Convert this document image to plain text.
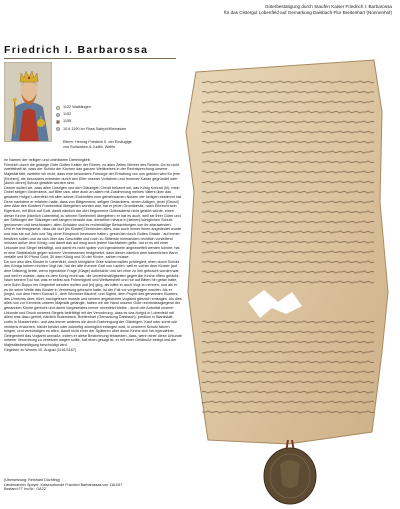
Güterbestätigung durch Staufen Kaiser Friedrich I. Barbarossa
für das Cistergul Lobenfeld auf Gemarkung Daisbach Flur Breitenhart (Nonnenhof)
Friedrich I. Barbarossa
1122 Waiblingen
1152
1155
10.6.1190 im Fluss Saleph/Kleinasien
Eltern: Herzog Friedrich II. der Einäugige
von Schwaben & Judith, Welfin

Im Namen der heiligen und unteilbaren Dreieinigkeit.

Friedrich durch die gnädige Güte Gottes Kaiser der Römer, zu allen Zeiten Mehrer des Reichs. Da es nicht zweifelhaft ist, dass der Schutz der Kirchen das ganzen Weltkreises in der Rechtsprechung unserer Majestät fällt, zweifeln wir nicht, dass eine besondere Fürsorge der Erhaltung von uns gebührt wird für jene [Kirchen], die besonders entweder durch den Eifer unserer Vorfahren und frommer Kaiser gegründet oder [durch deren] Schutz gestärkt worden sind.

Darum wollen wir, dass allen Unsrigen und den Gläubigen Christi bekannt sei, das König Konrad (III), mein Onkel seligen Gedenkens, auf Bitte usw. aber auch an allem mit Zustimmung meines Vaters über das gesamte Hofgut Lobenfeld mit allen seinen Einkünften zum gemeinsamen Nutzen der heiligen bestimmt hat. Denn nachdem er erfahren hatte, dass von Bittgemeind, seligen Gedenkens, einem Adligen, jener [Grund] dem Altar des Klosters Frankenthal übergeben worden war, hat er jenen Grundbesitz, nach Erbrecht sein Eigentum, mit Blick auf Gott, damit nämlich der dort begonnene Gottesdienst nicht gestört würde, einen dieser Kirche (nämlich Lobenfeld) zu seinem Seelenheil übergeben; er hat es auch, weil sie ihrer Güter und der Stiftungen der Gläubigen seit langem beraubt war, derselben hinaus in [seinen] königlichen Schutz genommen und beschlossen, allen Schaden und es rechtmäßige Betrachtungen von ihr abzuwenden.

Und er hat festgesetzt, dass die dort [im Kloster] Dienenden alles, was auch immer ihnen angedeutet wurde und was sie auf Jahr und Tag ohne Einspruch besessen hatten, geschützt durch Gottes Gnade - auf immer besitzen sollen und da sich über das Geschäfte und noch zu Stiftende niemandem rechtlich vorzeitend müssen außer dem König; und damit das auf ewig auch jedem Nachfahren gelte, hat er es mit einer Urkunde und Siegel bekräftigt, und damit es nicht später von irgendeinem angezweifelt werden könnte, hat er eine Strafabsicht gegen solchen Vermessenen festgesetzt, dass dieser nämlich dem kaiserlichen Bann verfalle und 50 Pfund Gold, 30 dem König und 20 der Kirche, zahlen müsse.

Da nun also dies Kloster in Lobenfeld, durch königliche Güte solchermaßen privilegiert, eben durch Schutz des Königs keinen rechten Vogt hat, hat der alte fromme Graf von Laufen, weil er vorher dem Kloster [auf dem Dilsberg] liebte, wenn irgendeine Frage (Klage) aufbrachte und sei ohne zu ihm gebracht worden war, und weil er wusste, dass es dem König recht war, die Unrechtmäßigkeiten gegen die Kirche öfters gerächt.

Nach seinem Tod hat, was er selbst aus Frömmigkeit und Weltweisheit und nur auf Bitten hin getan hatte, sein Sohn Boppo ins Gegenteil wenden wollen und [er] ging, als hätte er auch Vogt zu nennen, und als er es für seine Wette das Kloster in Verwirrung gebracht hatte, ist der Fall vor vorgetragen worden. Als er jüngst, von dem Herrn Konrad II., dem Wormser Bischof, und Sigfrid, dem Propst des genannten Klosters, des Unrechts über, führt, nachgelesen musste und seinem angeblichen Vogtamt gänzlich entsagen. Als dies alles nun zur Kenntnis unserer Majestät gelangte, haben wir die Hand unserer Güte rechtmässiglegend der genannten Kirche gereicht und damit Vorgesetztes immer unverletzt bleibe - durch die Autorität unserer Urkunde und Druck unseres Siegels bekräftigt mit der Verordnung, dass es das Hofgut in Lobenfeld mit allem was dazu gehört, nämlich Butersbach, Breitenhart (Gemarkung Daisbach), predium in Blankstatt, curtis in Nussenheim, und was immer anderes sie durch Darbringung der Gläubigen, Kauf oder sonst wie rechtens erworben, bisher besitzt oder zukünftig womöglich erlangen wird, in unserem Schutz fahren mögen, und verkündigen es allen, damit nicht einer der Späteren über diese Kirche sich bei irgendeiner Gelegenheit das Vogtamt anmaße, indem er diese Bestimmung festsetzen, dass, wenn einer diese Urkunde unserer Verordnung zu verletzen wagen sollte, soll eben gesagt ist, er mit einer Geldbuße belegt und der Majestätsbeleidigung beschuldigt wird.

Gegeben zu Worms 10. August (1161/1167)

(Übersetzung: Reinhard Düchting)
Landesarchiv Speyer, Kaiserurkunde Friedrich Barbarossas von 1161/67
Bestand F7 Inv.Nr.: GA22
